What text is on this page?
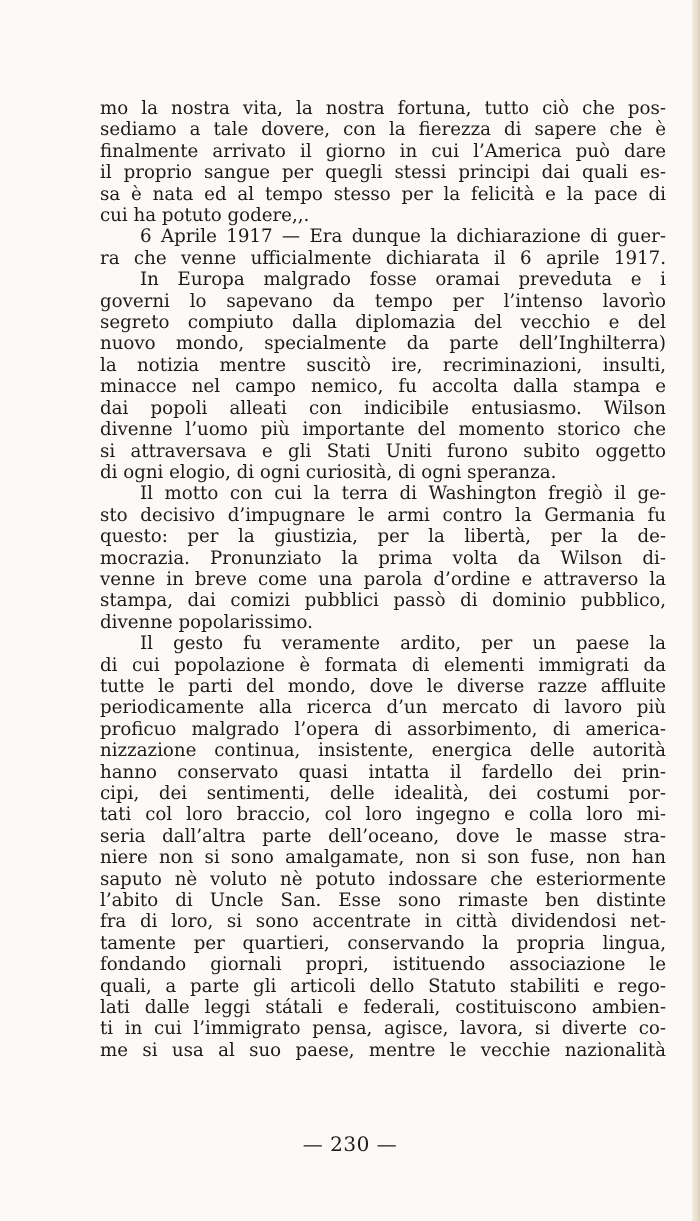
mo la nostra vita, la nostra fortuna, tutto ciò che pos-
sediamo a tale dovere, con la fierezza di sapere che è
finalmente arrivato il giorno in cui l’America può dare
il proprio sangue per quegli stessi principi dai quali es-
sa è nata ed al tempo stesso per la felicità e la pace di
cui ha potuto godere,,.
6 Aprile 1917 — Era dunque la dichiarazione di guer-
ra che venne ufficialmente dichiarata il 6 aprile 1917.
In Europa malgrado fosse oramai preveduta e i
governi lo sapevano da tempo per l’intenso lavorìo
segreto compiuto dalla diplomazia del vecchio e del
nuovo mondo, specialmente da parte dell’Inghilterra)
la notizia mentre suscitò ire, recriminazioni, insulti,
minacce nel campo nemico, fu accolta dalla stampa e
dai popoli alleati con indicibile entusiasmo. Wilson
divenne l’uomo più importante del momento storico che
si attraversava e gli Stati Uniti furono subito oggetto
di ogni elogio, di ogni curiosità, di ogni speranza.
Il motto con cui la terra di Washington fregiò il ge-
sto decisivo d’impugnare le armi contro la Germania fu
questo: per la giustizia, per la libertà, per la de-
mocrazia. Pronunziato la prima volta da Wilson di-
venne in breve come una parola d’ordine e attraverso la
stampa, dai comizi pubblici passò di dominio pubblico,
divenne popolarissimo.
Il gesto fu veramente ardito, per un paese la
di cui popolazione è formata di elementi immigrati da
tutte le parti del mondo, dove le diverse razze affluite
periodicamente alla ricerca d’un mercato di lavoro più
proficuo malgrado l’opera di assorbimento, di america-
nizzazione continua, insistente, energica delle autorità
hanno conservato quasi intatta il fardello dei prin-
cipi, dei sentimenti, delle idealità, dei costumi por-
tati col loro braccio, col loro ingegno e colla loro mi-
seria dall’altra parte dell’oceano, dove le masse stra-
niere non si sono amalgamate, non si son fuse, non han
saputo nè voluto nè potuto indossare che esteriormente
l’abito di Uncle San. Esse sono rimaste ben distinte
fra di loro, si sono accentrate in città dividendosi net-
tamente per quartieri, conservando la propria lingua,
fondando giornali propri, istituendo associazione le
quali, a parte gli articoli dello Statuto stabiliti e rego-
lati dalle leggi státali e federali, costituiscono ambien-
ti in cui l’immigrato pensa, agisce, lavora, si diverte co-
me si usa al suo paese, mentre le vecchie nazionalità
— 230 —
